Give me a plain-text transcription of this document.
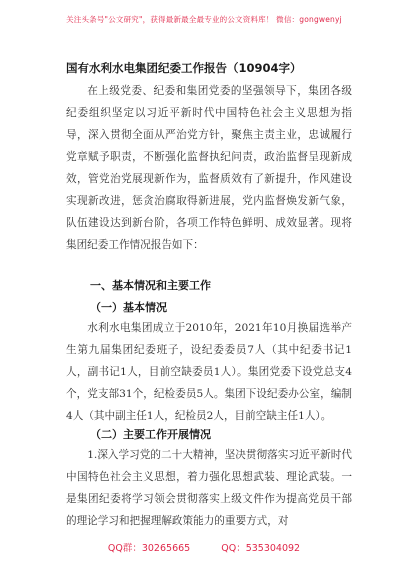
关注头条号"公文研究"，获得最新最全最专业的公文资料库！ 微信：gongwenyj
国有水利水电集团纪委工作报告（10904字）

在上级党委、纪委和集团党委的坚强领导下，集团各级纪委组织坚定以习近平新时代中国特色社会主义思想为指导，深入贯彻全面从严治党方针，聚焦主责主业，忠诚履行党章赋予职责，不断强化监督执纪问责，政治监督呈现新成效，管党治党展现新作为，监督质效有了新提升，作风建设实现新改进，惩贪治腐取得新进展，党内监督焕发新气象，队伍建设达到新台阶，各项工作特色鲜明、成效显著。现将集团纪委工作情况报告如下：

一、基本情况和主要工作
（一）基本情况

水利水电集团成立于2010年，2021年10月换届选举产生第九届集团纪委班子，设纪委委员7人（其中纪委书记1人，副书记1人，目前空缺委员1人）。集团党委下设党总支4个，党支部31个，纪检委员5人。集团下设纪委办公室，编制4人（其中副主任1人，纪检员2人，目前空缺主任1人）。

（二）主要工作开展情况

1.深入学习党的二十大精神，坚决贯彻落实习近平新时代中国特色社会主义思想，着力强化思想武装、理论武装。一是集团纪委将学习领会贯彻落实上级文件作为提高党员干部的理论学习和把握理解政策能力的重要方式，对

QQ群：30265665	QQ：535304092
